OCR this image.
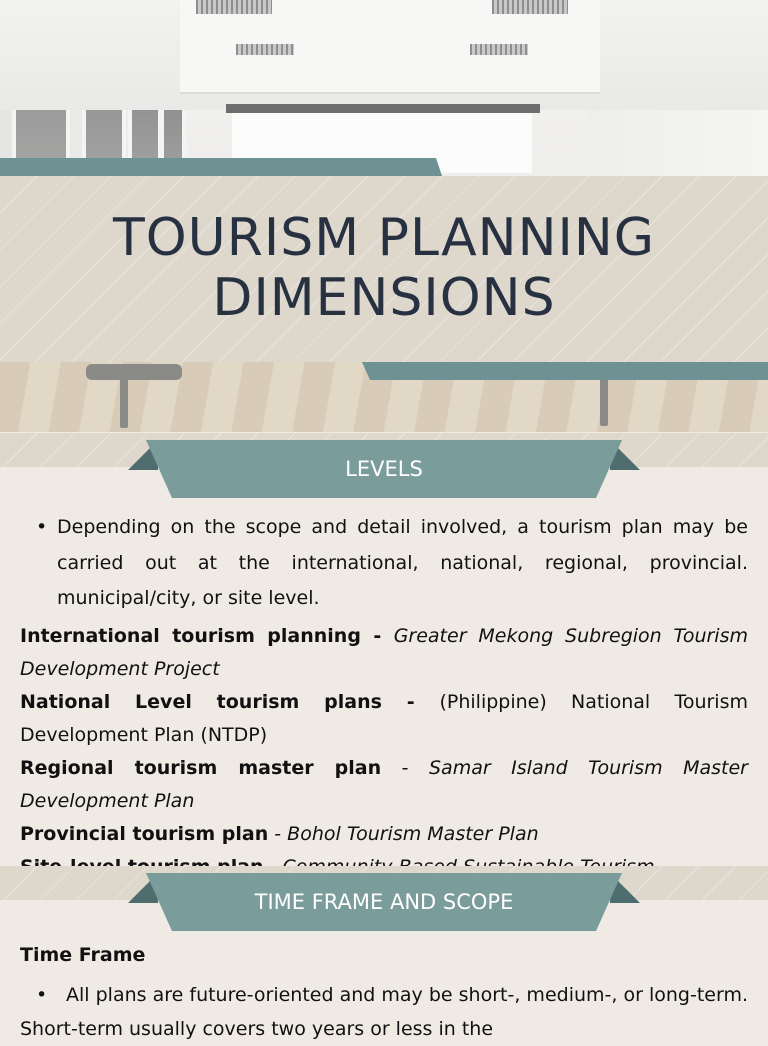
TOURISM PLANNING
DIMENSIONS
LEVELS
• Depending on the scope and detail involved, a tourism plan may be carried out at the international, national, regional, provincial. municipal/city, or site level.

International tourism planning - Greater Mekong Subregion Tourism Development Project

National Level tourism plans - (Philippine) National Tourism Development Plan (NTDP)

Regional tourism master plan - Samar Island Tourism Master Development Plan

Provincial tourism plan - Bohol Tourism Master Plan

TIME FRAME AND SCOPE
Time Frame
• All plans are future-oriented and may be short-, medium-, or long-term. Short-term usually covers two years or less in the
